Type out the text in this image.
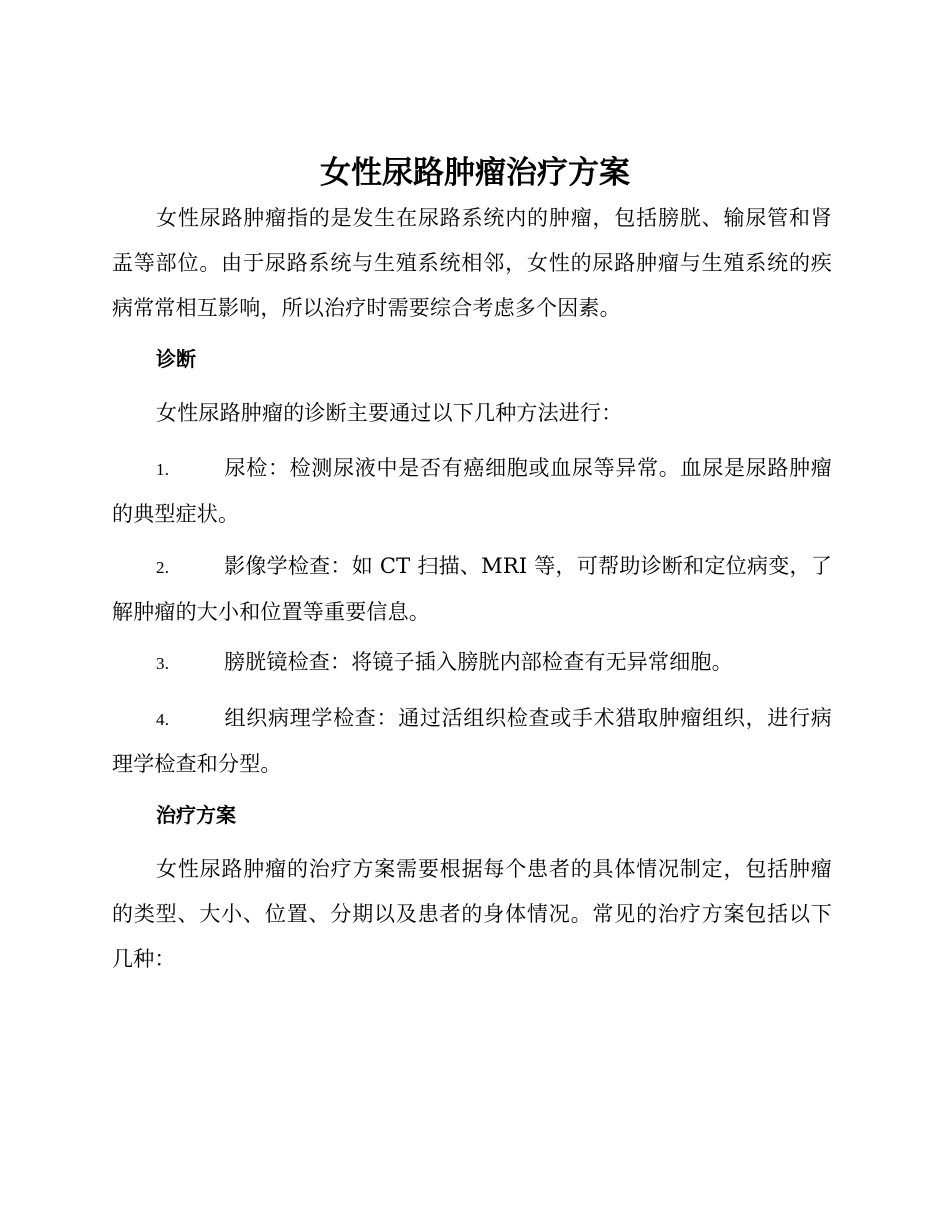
女性尿路肿瘤治疗方案

女性尿路肿瘤指的是发生在尿路系统内的肿瘤，包括膀胱、输尿管和肾盂等部位。由于尿路系统与生殖系统相邻，女性的尿路肿瘤与生殖系统的疾病常常相互影响，所以治疗时需要综合考虑多个因素。

诊断

女性尿路肿瘤的诊断主要通过以下几种方法进行：

1.	尿检：检测尿液中是否有癌细胞或血尿等异常。血尿是尿路肿瘤的典型症状。

2.	影像学检查：如 CT 扫描、MRI 等，可帮助诊断和定位病变，了解肿瘤的大小和位置等重要信息。

3.	膀胱镜检查：将镜子插入膀胱内部检查有无异常细胞。

4.	组织病理学检查：通过活组织检查或手术猎取肿瘤组织，进行病理学检查和分型。

治疗方案

女性尿路肿瘤的治疗方案需要根据每个患者的具体情况制定，包括肿瘤的类型、大小、位置、分期以及患者的身体情况。常见的治疗方案包括以下几种：
